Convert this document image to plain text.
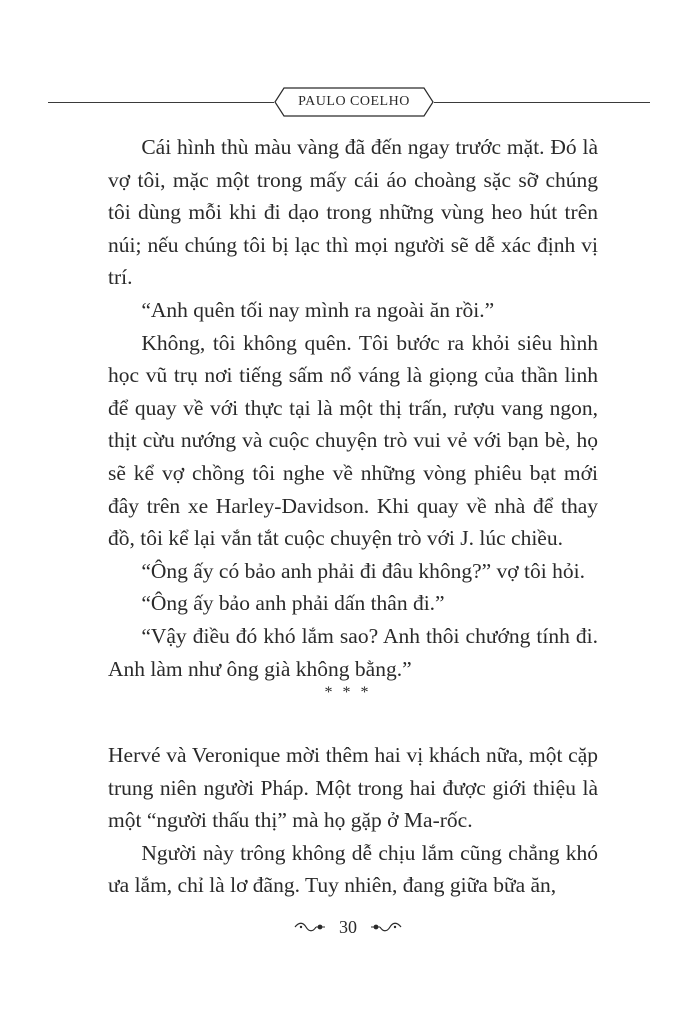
PAULO COELHO

Cái hình thù màu vàng đã đến ngay trước mặt. Đó là vợ tôi, mặc một trong mấy cái áo choàng sặc sỡ chúng tôi dùng mỗi khi đi dạo trong những vùng heo hút trên núi; nếu chúng tôi bị lạc thì mọi người sẽ dễ xác định vị trí.

“Anh quên tối nay mình ra ngoài ăn rồi.”

Không, tôi không quên. Tôi bước ra khỏi siêu hình học vũ trụ nơi tiếng sấm nổ váng là giọng của thần linh để quay về với thực tại là một thị trấn, rượu vang ngon, thịt cừu nướng và cuộc chuyện trò vui vẻ với bạn bè, họ sẽ kể vợ chồng tôi nghe về những vòng phiêu bạt mới đây trên xe Harley-Davidson. Khi quay về nhà để thay đồ, tôi kể lại vắn tắt cuộc chuyện trò với J. lúc chiều.

“Ông ấy có bảo anh phải đi đâu không?” vợ tôi hỏi.

“Ông ấy bảo anh phải dấn thân đi.”

“Vậy điều đó khó lắm sao? Anh thôi chướng tính đi. Anh làm như ông già không bằng.”

* * *

Hervé và Veronique mời thêm hai vị khách nữa, một cặp trung niên người Pháp. Một trong hai được giới thiệu là một “người thấu thị” mà họ gặp ở Ma-rốc.

Người này trông không dễ chịu lắm cũng chẳng khó ưa lắm, chỉ là lơ đãng. Tuy nhiên, đang giữa bữa ăn,

30
